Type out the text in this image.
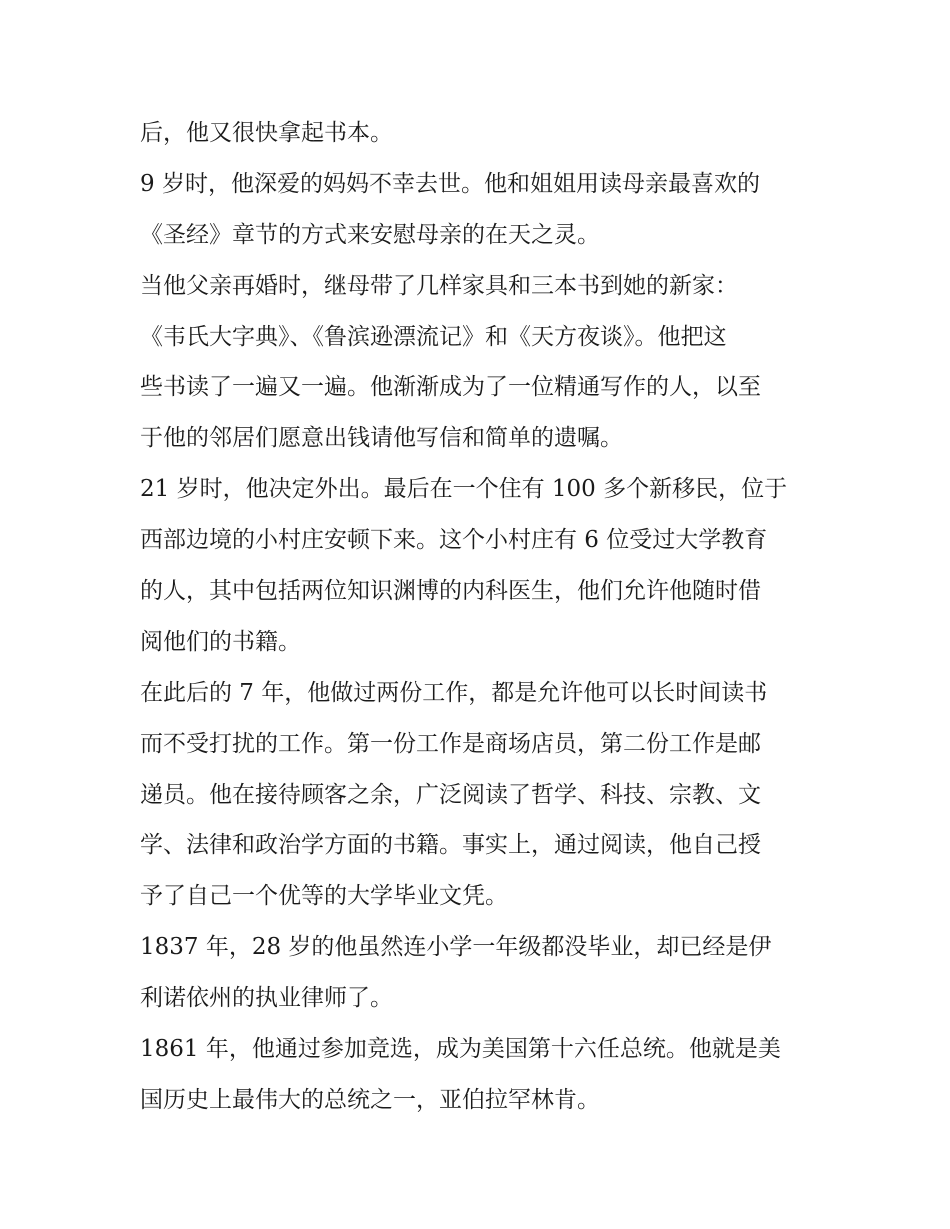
后，他又很快拿起书本。
9 岁时，他深爱的妈妈不幸去世。他和姐姐用读母亲最喜欢的
《圣经》章节的方式来安慰母亲的在天之灵。
当他父亲再婚时，继母带了几样家具和三本书到她的新家：
《韦氏大字典》、《鲁滨逊漂流记》和《天方夜谈》。他把这
些书读了一遍又一遍。他渐渐成为了一位精通写作的人，以至
于他的邻居们愿意出钱请他写信和简单的遗嘱。
21 岁时，他决定外出。最后在一个住有 100 多个新移民，位于
西部边境的小村庄安顿下来。这个小村庄有 6 位受过大学教育
的人，其中包括两位知识渊博的内科医生，他们允许他随时借
阅他们的书籍。
在此后的 7 年，他做过两份工作，都是允许他可以长时间读书
而不受打扰的工作。第一份工作是商场店员，第二份工作是邮
递员。他在接待顾客之余，广泛阅读了哲学、科技、宗教、文
学、法律和政治学方面的书籍。事实上，通过阅读，他自己授
予了自己一个优等的大学毕业文凭。
1837 年，28 岁的他虽然连小学一年级都没毕业，却已经是伊
利诺依州的执业律师了。
1861 年，他通过参加竞选，成为美国第十六任总统。他就是美
国历史上最伟大的总统之一，亚伯拉罕林肯。
